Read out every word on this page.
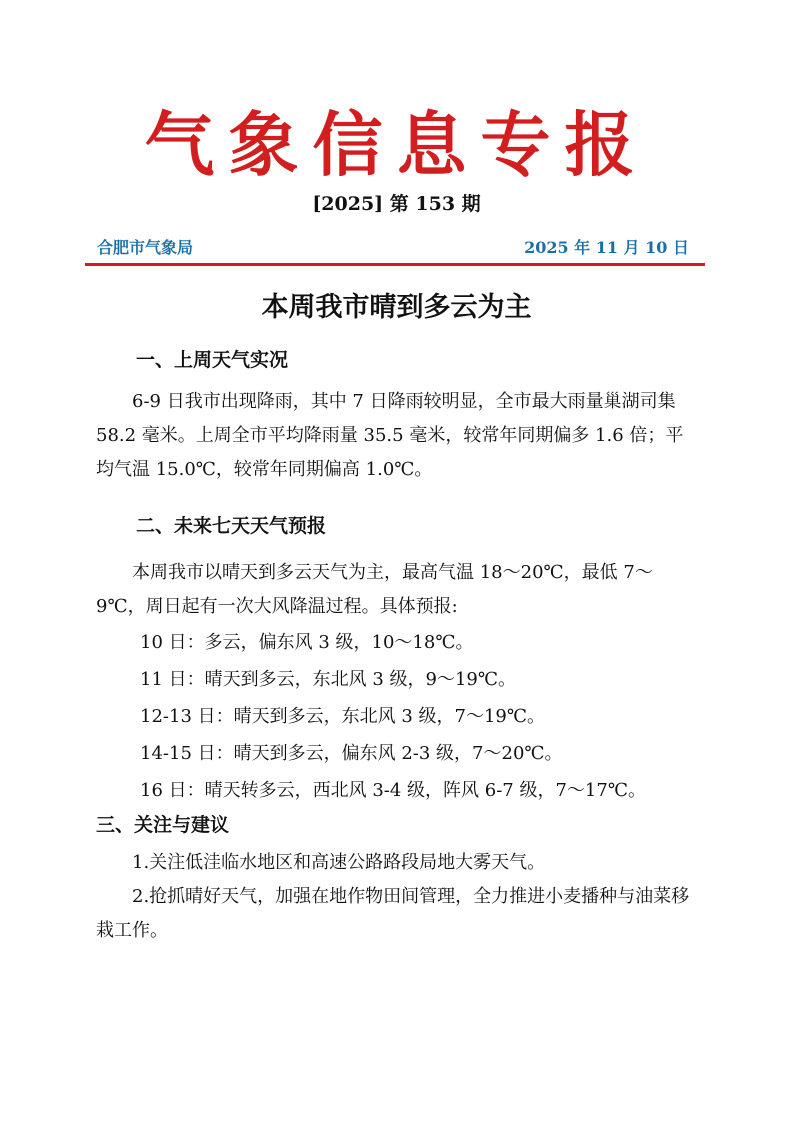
气象信息专报
[2025] 第 153 期
合肥市气象局	2025 年 11 月 10 日
本周我市晴到多云为主
一、上周天气实况
6-9 日我市出现降雨，其中 7 日降雨较明显，全市最大雨量巢湖司集 58.2 毫米。上周全市平均降雨量 35.5 毫米，较常年同期偏多 1.6 倍；平均气温 15.0℃，较常年同期偏高 1.0℃。
二、未来七天天气预报
本周我市以晴天到多云天气为主，最高气温 18～20℃，最低 7～9℃，周日起有一次大风降温过程。具体预报:
10 日：多云，偏东风 3 级，10～18℃。
11 日：晴天到多云，东北风 3 级，9～19℃。
12-13 日：晴天到多云，东北风 3 级，7～19℃。
14-15 日：晴天到多云，偏东风 2-3 级，7～20℃。
16 日：晴天转多云，西北风 3-4 级，阵风 6-7 级，7～17℃。
三、关注与建议
1.关注低洼临水地区和高速公路路段局地大雾天气。
2.抢抓晴好天气，加强在地作物田间管理，全力推进小麦播种与油菜移栽工作。
